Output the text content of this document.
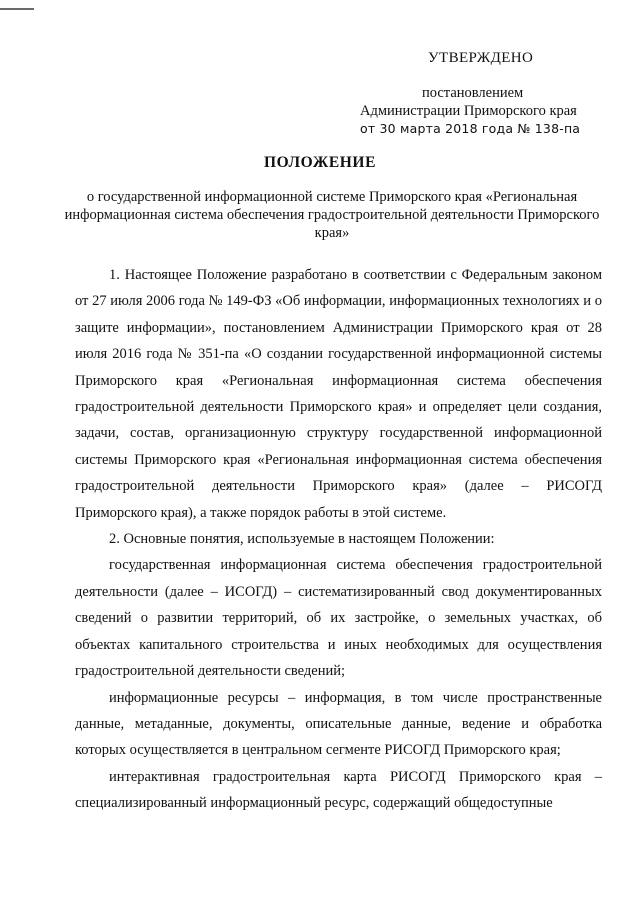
УТВЕРЖДЕНО
постановлением
Администрации Приморского края
от 30 марта 2018 года № 138-па
ПОЛОЖЕНИЕ
о государственной информационной системе Приморского края «Региональная информационная система обеспечения градостроительной деятельности Приморского края»

1. Настоящее Положение разработано в соответствии с Федеральным законом от 27 июля 2006 года № 149-ФЗ «Об информации, информационных технологиях и о защите информации», постановлением Администрации Приморского края от 28 июля 2016 года № 351-па «О создании государственной информационной системы Приморского края «Региональная информационная система обеспечения градостроительной деятельности Приморского края» и определяет цели создания, задачи, состав, организационную структуру государственной информационной системы Приморского края «Региональная информационная система обеспечения градостроительной деятельности Приморского края» (далее – РИСОГД Приморского края), а также порядок работы в этой системе.

2. Основные понятия, используемые в настоящем Положении:

государственная информационная система обеспечения градостроительной деятельности (далее – ИСОГД) – систематизированный свод документированных сведений о развитии территорий, об их застройке, о земельных участках, об объектах капитального строительства и иных необходимых для осуществления градостроительной деятельности сведений;

информационные ресурсы – информация, в том числе пространственные данные, метаданные, документы, описательные данные, ведение и обработка которых осуществляется в центральном сегменте РИСОГД Приморского края;

интерактивная градостроительная карта РИСОГД Приморского края – специализированный информационный ресурс, содержащий общедоступные
